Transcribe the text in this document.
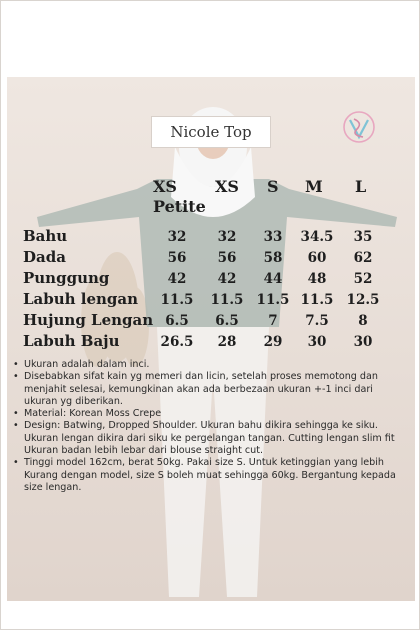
Nicole Top
XS
Petite
XS S M L
Bahu
Dada
Punggung
Labuh lengan
Hujung Lengan
Labuh Baju
32 32 33 34.5 35
56 56 58 60 62
42 42 44 48 52
11.5 11.5 11.5 11.5 12.5
6.5 6.5 7 7.5 8
26.5 28 29 30 30
• Ukuran adalah dalam inci.
• Disebabkan sifat kain yg memeri dan licin, setelah proses memotong dan
menjahit selesai, kemungkinan akan ada berbezaan ukuran +-1 inci dari
ukuran yg diberikan.
• Material: Korean Moss Crepe
• Design: Batwing, Dropped Shoulder. Ukuran bahu dikira sehingga ke siku.
Ukuran lengan dikira dari siku ke pergelangan tangan. Cutting lengan slim fit
Ukuran badan lebih lebar dari blouse straight cut.
• Tinggi model 162cm, berat 50kg. Pakai size S. Untuk ketinggian yang lebih
Kurang dengan model, size S boleh muat sehingga 60kg. Bergantung kepada
size lengan.
